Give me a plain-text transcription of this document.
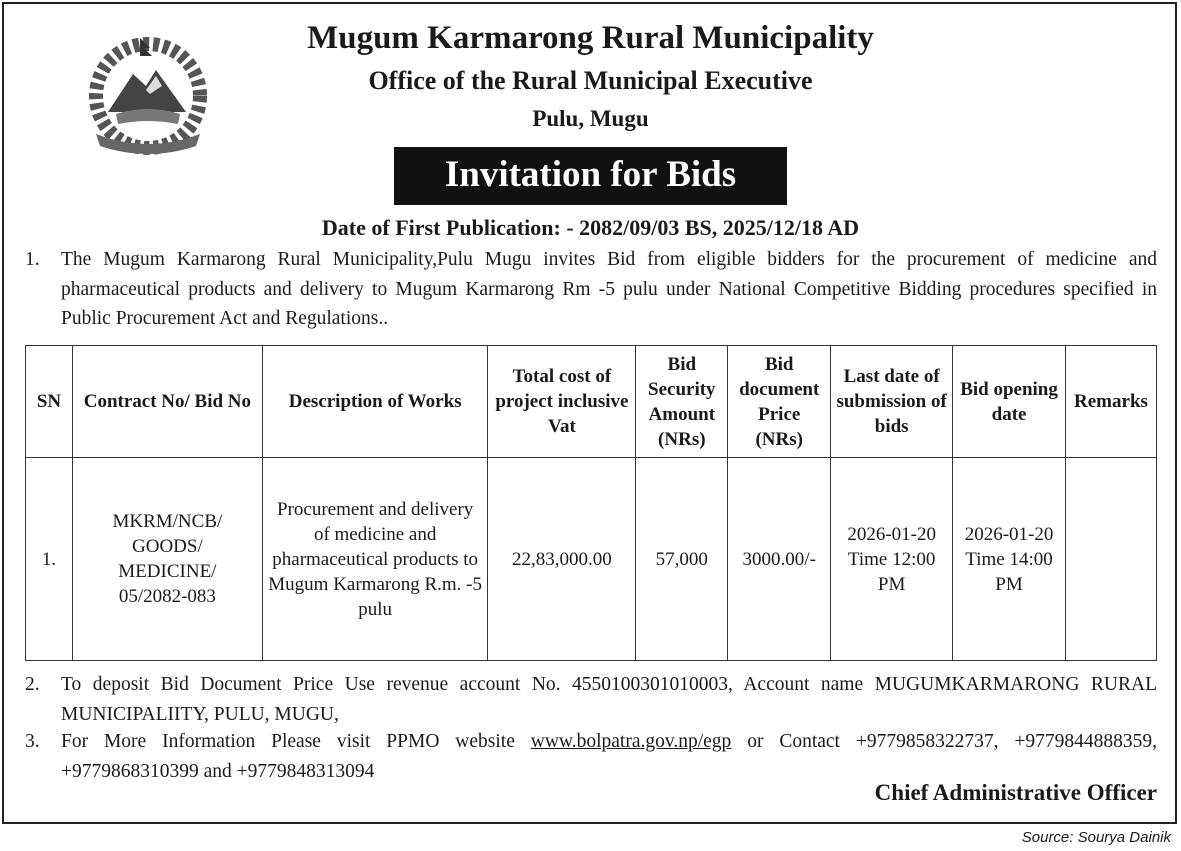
Mugum Karmarong Rural Municipality
Office of the Rural Municipal Executive
Pulu, Mugu
Invitation for Bids
Date of First Publication: - 2082/09/03 BS, 2025/12/18 AD
1. The Mugum Karmarong Rural Municipality,Pulu Mugu invites Bid from eligible bidders for the procurement of medicine and pharmaceutical products and delivery to Mugum Karmarong Rm -5 pulu under National Competitive Bidding procedures specified in Public Procurement Act and Regulations..
SN	Contract No/ Bid No	Description of Works	Total cost of project inclusive Vat	Bid Security Amount (NRs)	Bid document Price (NRs)	Last date of submission of bids	Bid opening date	Remarks
1.	MKRM/NCB/ GOODS/ MEDICINE/ 05/2082-083	Procurement and delivery of medicine and pharmaceutical products to Mugum Karmarong R.m. -5 pulu	22,83,000.00	57,000	3000.00/-	2026-01-20 Time 12:00 PM	2026-01-20 Time 14:00 PM	
2. To deposit Bid Document Price Use revenue account No. 4550100301010003, Account name MUGUMKARMARONG RURAL MUNICIPALIITY, PULU, MUGU,
3. For More Information Please visit PPMO website www.bolpatra.gov.np/egp or Contact +9779858322737, +9779844888359, +9779868310399 and +9779848313094
Chief Administrative Officer
Source: Sourya Dainik
